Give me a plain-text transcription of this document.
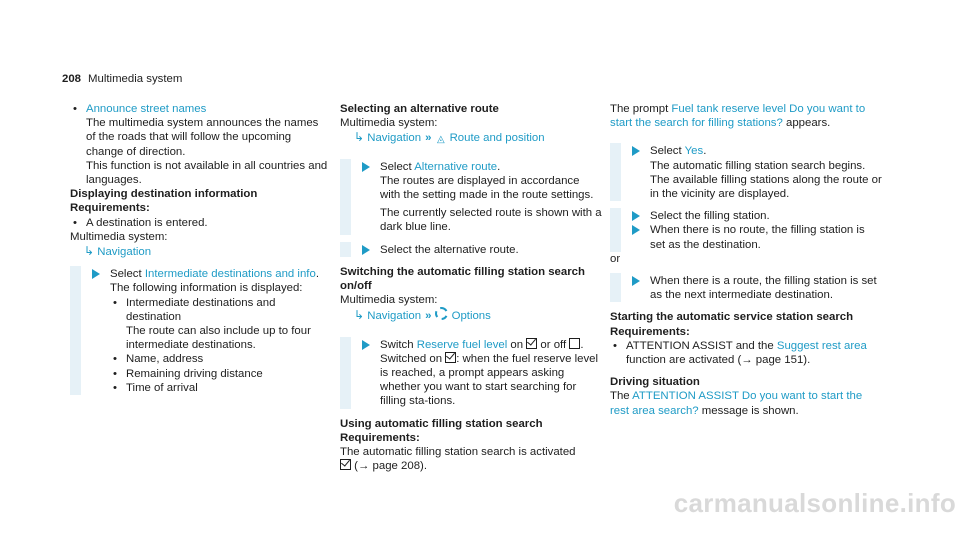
208 Multimedia system

• Announce street names

The multimedia system announces the names of the roads that will follow the upcoming change of direction.

This function is not available in all countries and languages.

Displaying destination information

Requirements:

• A destination is entered.

Multimedia system:

↳ Navigation

Select Intermediate destinations and info.

The following information is displayed:

• Intermediate destinations and destination

The route can also include up to four intermediate destinations.

• Name, address

• Remaining driving distance

• Time of arrival

Selecting an alternative route

Multimedia system:

↳ Navigation » ◬ Route and position

Select Alternative route.

The routes are displayed in accordance with the setting made in the route settings.

The currently selected route is shown with a dark blue line.

Select the alternative route.

Switching the automatic filling station search on/off

Multimedia system:

↳ Navigation » Options

Switch Reserve fuel level on  or off .

Switched on : when the fuel reserve level is reached, a prompt appears asking whether you want to start searching for filling sta-tions.

Using automatic filling station search

Requirements:

The automatic filling station search is activated

(→ page 208).

The prompt Fuel tank reserve level Do you want to start the search for filling stations? appears.

Select Yes.

The automatic filling station search begins. The available filling stations along the route or in the vicinity are displayed.

Select the filling station.

When there is no route, the filling station is set as the destination.

or

When there is a route, the filling station is set as the next intermediate destination.

Starting the automatic service station search

Requirements:

• ATTENTION ASSIST and the Suggest rest area function are activated (→ page 151).

Driving situation

The ATTENTION ASSIST Do you want to start the rest area search? message is shown.

carmanualsonline.info
